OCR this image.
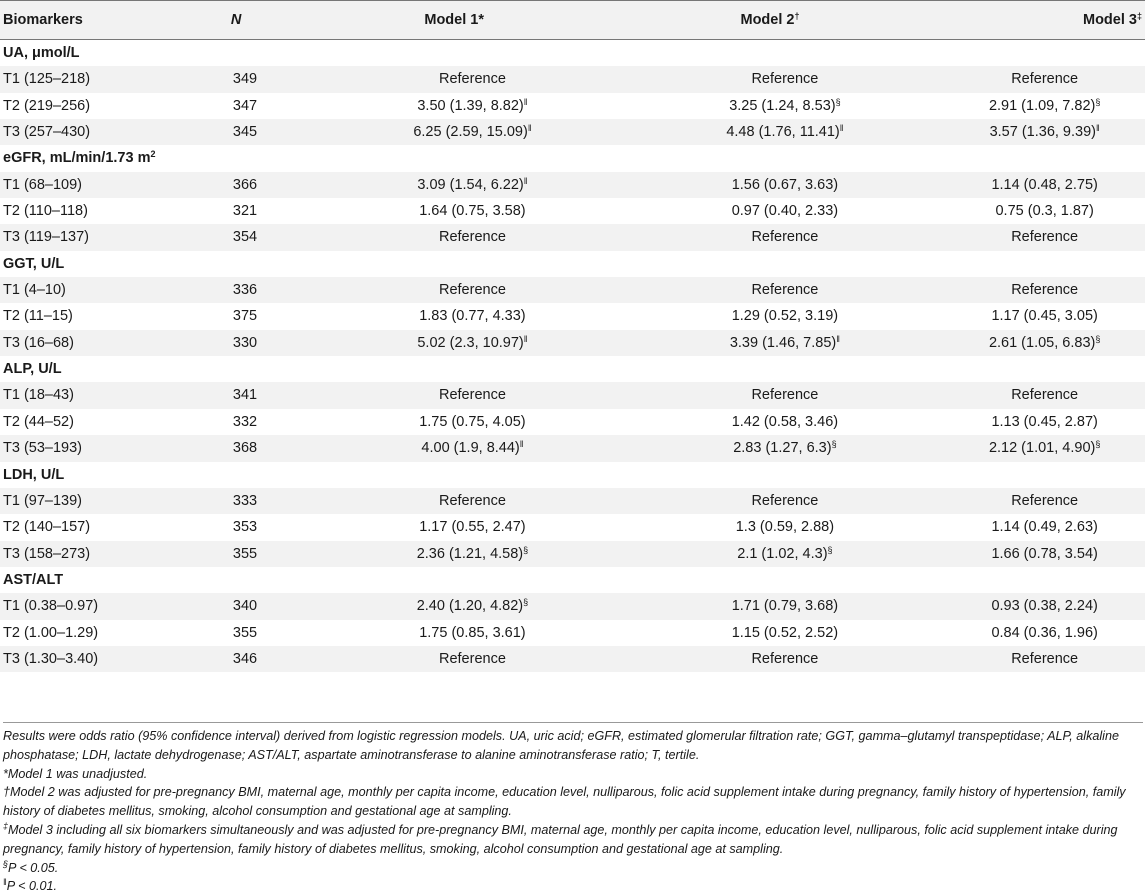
Biomarkers	N	Model 1*	Model 2†	Model 3‡
UA, μmol/L				
T1 (125–218)	349	Reference	Reference	Reference
T2 (219–256)	347	3.50 (1.39, 8.82)‖	3.25 (1.24, 8.53)§	2.91 (1.09, 7.82)§
T3 (257–430)	345	6.25 (2.59, 15.09)‖	4.48 (1.76, 11.41)‖	3.57 (1.36, 9.39)‖
eGFR, mL/min/1.73 $m^2$				
T1 (68–109)	366	3.09 (1.54, 6.22)‖	1.56 (0.67, 3.63)	1.14 (0.48, 2.75)
T2 (110–118)	321	1.64 (0.75, 3.58)	0.97 (0.40, 2.33)	0.75 (0.3, 1.87)
T3 (119–137)	354	Reference	Reference	Reference
GGT, U/L				
T1 (4–10)	336	Reference	Reference	Reference
T2 (11–15)	375	1.83 (0.77, 4.33)	1.29 (0.52, 3.19)	1.17 (0.45, 3.05)
T3 (16–68)	330	5.02 (2.3, 10.97)‖	3.39 (1.46, 7.85)‖	2.61 (1.05, 6.83)§
ALP, U/L				
T1 (18–43)	341	Reference	Reference	Reference
T2 (44–52)	332	1.75 (0.75, 4.05)	1.42 (0.58, 3.46)	1.13 (0.45, 2.87)
T3 (53–193)	368	4.00 (1.9, 8.44)‖	2.83 (1.27, 6.3)§	2.12 (1.01, 4.90)§
LDH, U/L				
T1 (97–139)	333	Reference	Reference	Reference
T2 (140–157)	353	1.17 (0.55, 2.47)	1.3 (0.59, 2.88)	1.14 (0.49, 2.63)
T3 (158–273)	355	2.36 (1.21, 4.58)§	2.1 (1.02, 4.3)§	1.66 (0.78, 3.54)
AST/ALT				
T1 (0.38–0.97)	340	2.40 (1.20, 4.82)§	1.71 (0.79, 3.68)	0.93 (0.38, 2.24)
T2 (1.00–1.29)	355	1.75 (0.85, 3.61)	1.15 (0.52, 2.52)	0.84 (0.36, 1.96)
T3 (1.30–3.40)	346	Reference	Reference	Reference

Results were odds ratio (95% confidence interval) derived from logistic regression models. UA, uric acid; eGFR, estimated glomerular filtration rate; GGT, gamma–glutamyl transpeptidase; ALP, alkaline phosphatase; LDH, lactate dehydrogenase; AST/ALT, aspartate aminotransferase to alanine aminotransferase ratio; T, tertile.

*Model 1 was unadjusted.

†Model 2 was adjusted for pre-pregnancy BMI, maternal age, monthly per capita income, education level, nulliparous, folic acid supplement intake during pregnancy, family history of hypertension, family history of diabetes mellitus, smoking, alcohol consumption and gestational age at sampling.

‡Model 3 including all six biomarkers simultaneously and was adjusted for pre-pregnancy BMI, maternal age, monthly per capita income, education level, nulliparous, folic acid supplement intake during pregnancy, family history of hypertension, family history of diabetes mellitus, smoking, alcohol consumption and gestational age at sampling.

§P < 0.05.

‖P < 0.01.
